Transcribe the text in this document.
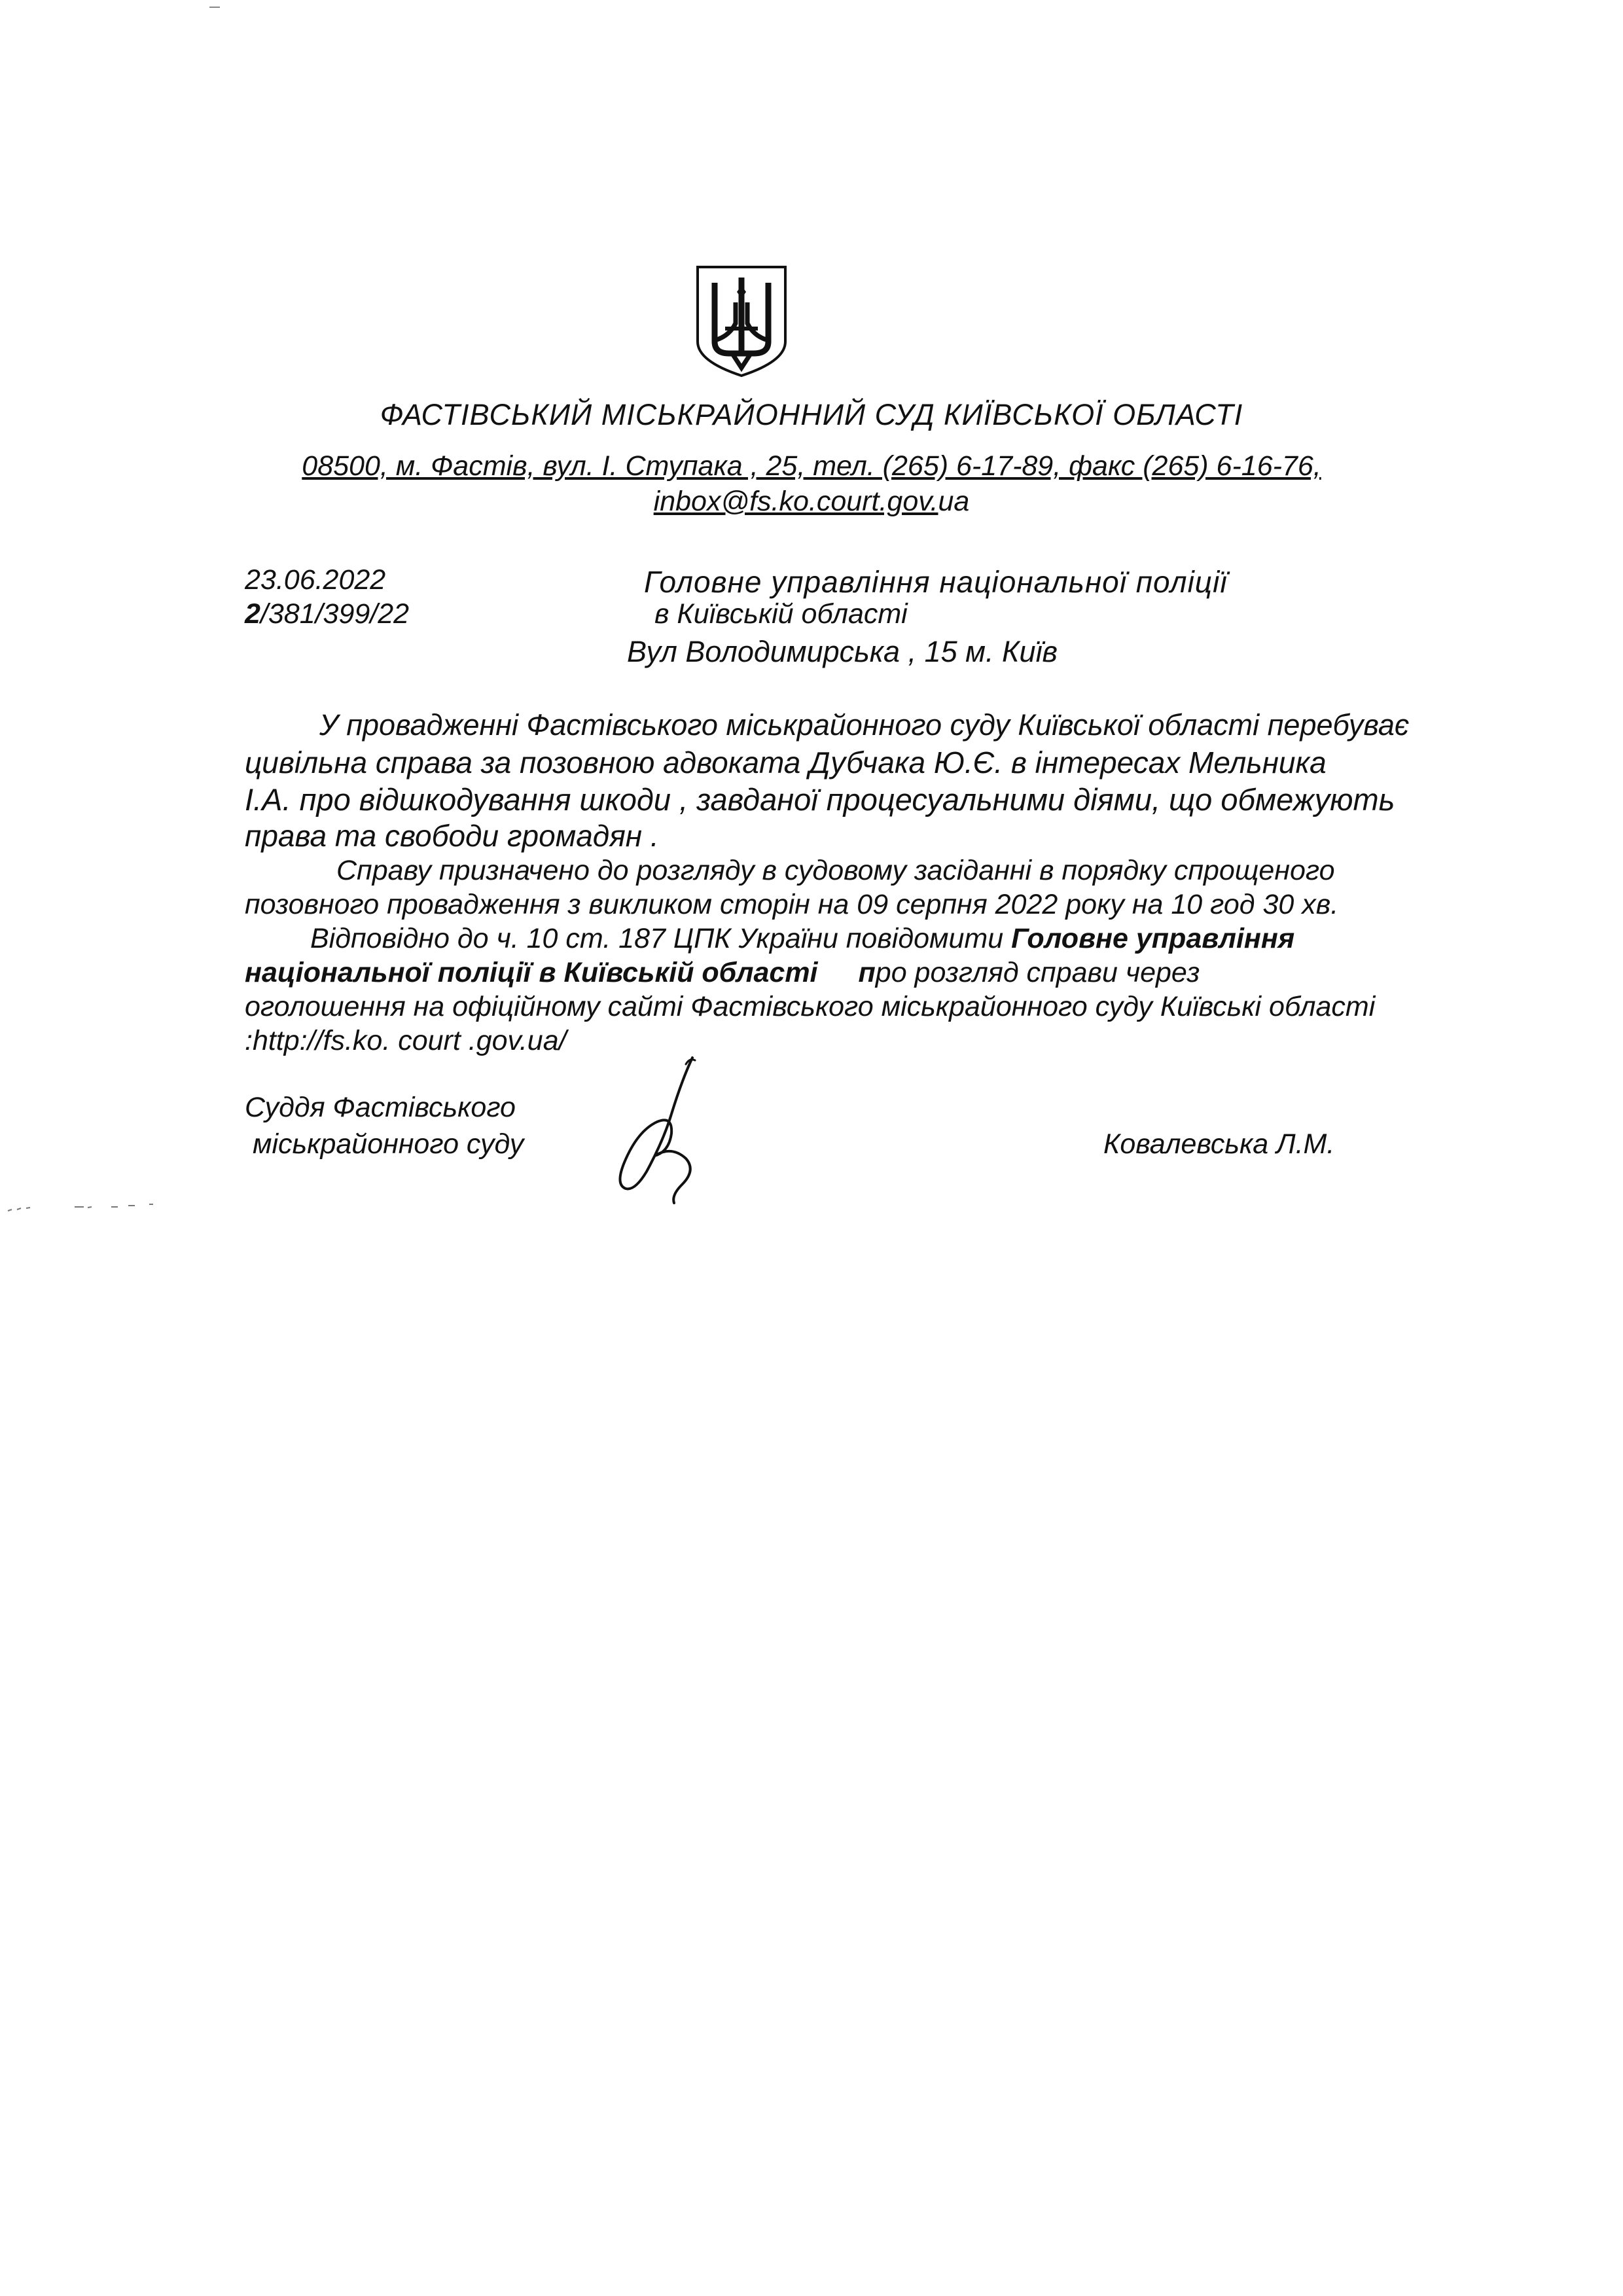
ФАСТІВСЬКИЙ МІСЬКРАЙОННИЙ СУД КИЇВСЬКОЇ ОБЛАСТІ
08500, м. Фастів, вул. І. Ступака , 25, тел. (265) 6-17-89, факс (265) 6-16-76,
inbox@fs.ko.court.gov.ua
23.06.2022
2/381/399/22
Головне управління національної поліції
в Київській області
Вул Володимирська , 15 м. Київ
У провадженні Фастівського міськрайонного суду Київської області перебуває
цивільна справа за позовною адвоката Дубчака Ю.Є. в інтересах Мельника
І.А. про відшкодування шкоди , завданої процесуальними діями, що обмежують
права та свободи громадян .
Справу призначено до розгляду в судовому засіданні в порядку спрощеного
позовного провадження з викликом сторін на 09 серпня 2022 року на 10 год 30 хв.
Відповідно до ч. 10 ст. 187 ЦПК України повідомити Головне управління
національної поліції в Київській області про розгляд справи через
оголошення на офіційному сайті Фастівського міськрайонного суду Київські області
:http://fs.ko. court .gov.ua/
Суддя Фастівського
міськрайонного суду	Ковалевська Л.М.
